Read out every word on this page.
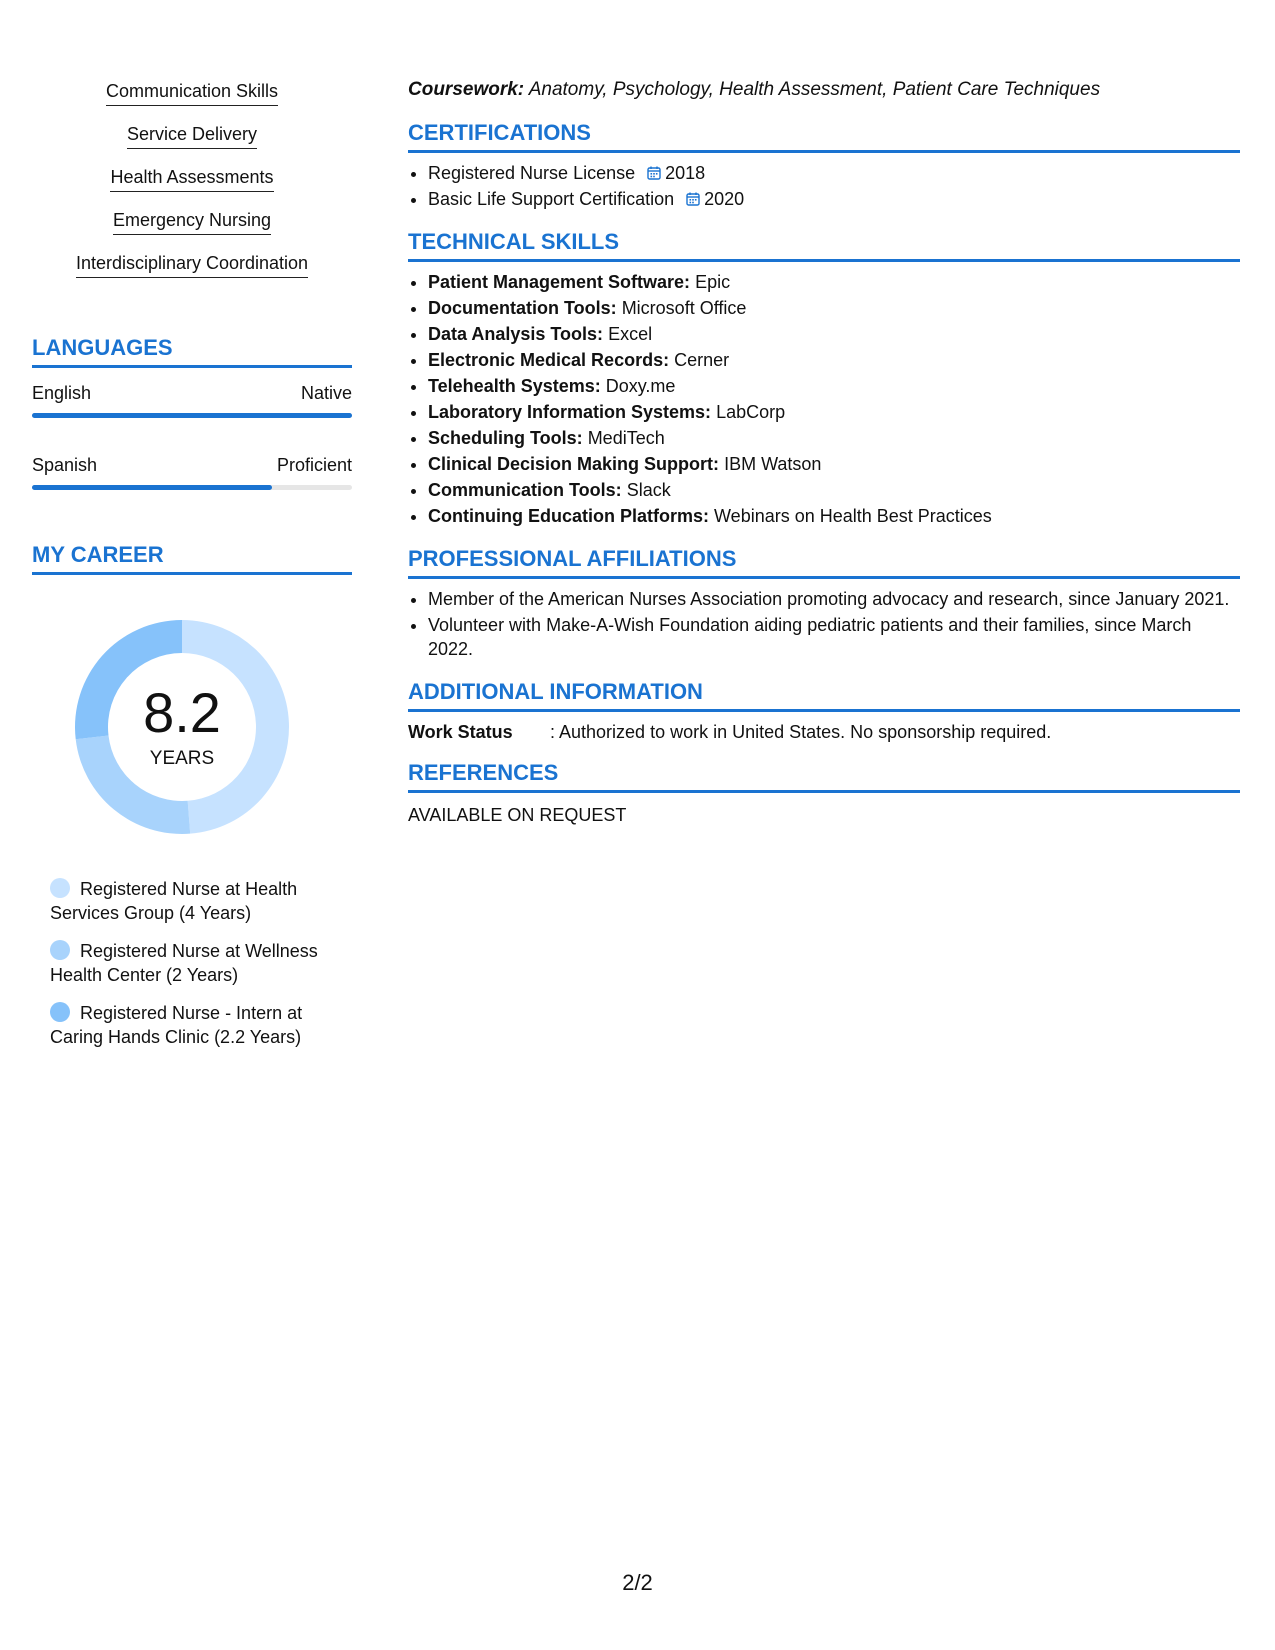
Communication Skills
Service Delivery
Health Assessments
Emergency Nursing
Interdisciplinary Coordination
LANGUAGES
English	Native
Spanish	Proficient
MY CAREER
8.2
YEARS
Registered Nurse at Health Services Group (4 Years)
Registered Nurse at Wellness Health Center (2 Years)
Registered Nurse - Intern at Caring Hands Clinic (2.2 Years)
Coursework: Anatomy, Psychology, Health Assessment, Patient Care Techniques
CERTIFICATIONS
• Registered Nurse License 2018
• Basic Life Support Certification 2020
TECHNICAL SKILLS
• Patient Management Software: Epic
• Documentation Tools: Microsoft Office
• Data Analysis Tools: Excel
• Electronic Medical Records: Cerner
• Telehealth Systems: Doxy.me
• Laboratory Information Systems: LabCorp
• Scheduling Tools: MediTech
• Clinical Decision Making Support: IBM Watson
• Communication Tools: Slack
• Continuing Education Platforms: Webinars on Health Best Practices
PROFESSIONAL AFFILIATIONS
• Member of the American Nurses Association promoting advocacy and research, since January 2021.
• Volunteer with Make-A-Wish Foundation aiding pediatric patients and their families, since March 2022.
ADDITIONAL INFORMATION
Work Status	: Authorized to work in United States. No sponsorship required.
REFERENCES
AVAILABLE ON REQUEST
2/2
